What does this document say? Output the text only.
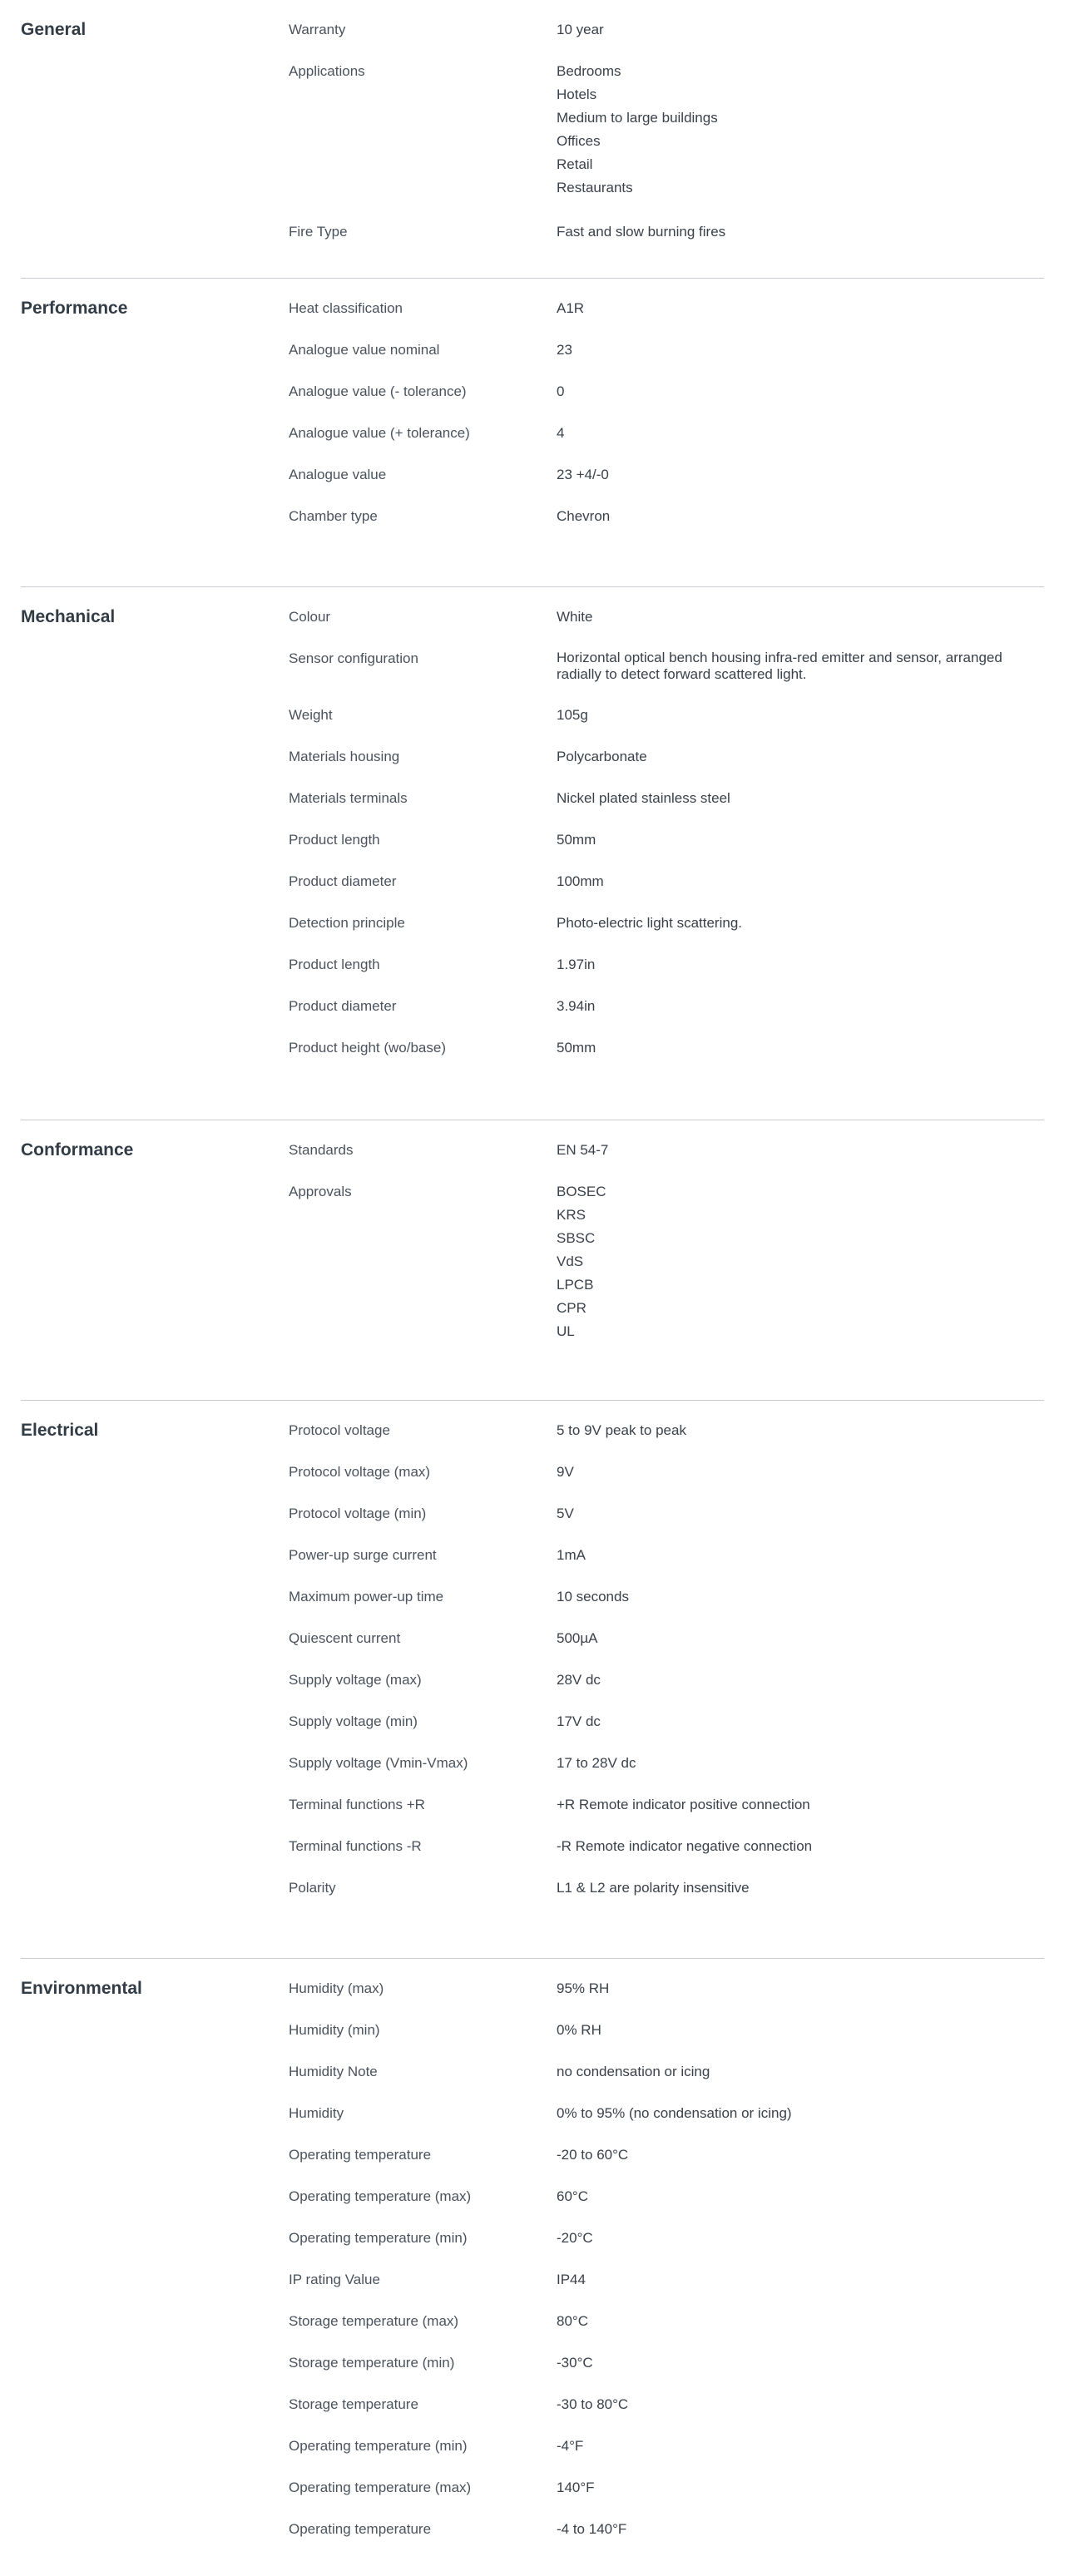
General	Warranty	10 year
Applications	Bedrooms
Hotels
Medium to large buildings
Offices
Retail
Restaurants
Fire Type	Fast and slow burning fires
Performance	Heat classification	A1R
Analogue value nominal	23
Analogue value (- tolerance)	0
Analogue value (+ tolerance)	4
Analogue value	23 +4/-0
Chamber type	Chevron
Mechanical	Colour	White
Sensor configuration	Horizontal optical bench housing infra-red emitter and sensor, arranged radially to detect forward scattered light.
Weight	105g
Materials housing	Polycarbonate
Materials terminals	Nickel plated stainless steel
Product length	50mm
Product diameter	100mm
Detection principle	Photo-electric light scattering.
Product length	1.97in
Product diameter	3.94in
Product height (wo/base)	50mm
Conformance	Standards	EN 54-7
Approvals	BOSEC
KRS
SBSC
VdS
LPCB
CPR
UL
Electrical	Protocol voltage	5 to 9V peak to peak
Protocol voltage (max)	9V
Protocol voltage (min)	5V
Power-up surge current	1mA
Maximum power-up time	10 seconds
Quiescent current	500µA
Supply voltage (max)	28V dc
Supply voltage (min)	17V dc
Supply voltage (Vmin-Vmax)	17 to 28V dc
Terminal functions +R	+R Remote indicator positive connection
Terminal functions -R	-R Remote indicator negative connection
Polarity	L1 & L2 are polarity insensitive
Environmental	Humidity (max)	95% RH
Humidity (min)	0% RH
Humidity Note	no condensation or icing
Humidity	0% to 95% (no condensation or icing)
Operating temperature	-20 to 60°C
Operating temperature (max)	60°C
Operating temperature (min)	-20°C
IP rating Value	IP44
Storage temperature (max)	80°C
Storage temperature (min)	-30°C
Storage temperature	-30 to 80°C
Operating temperature (min)	-4°F
Operating temperature (max)	140°F
Operating temperature	-4 to 140°F
